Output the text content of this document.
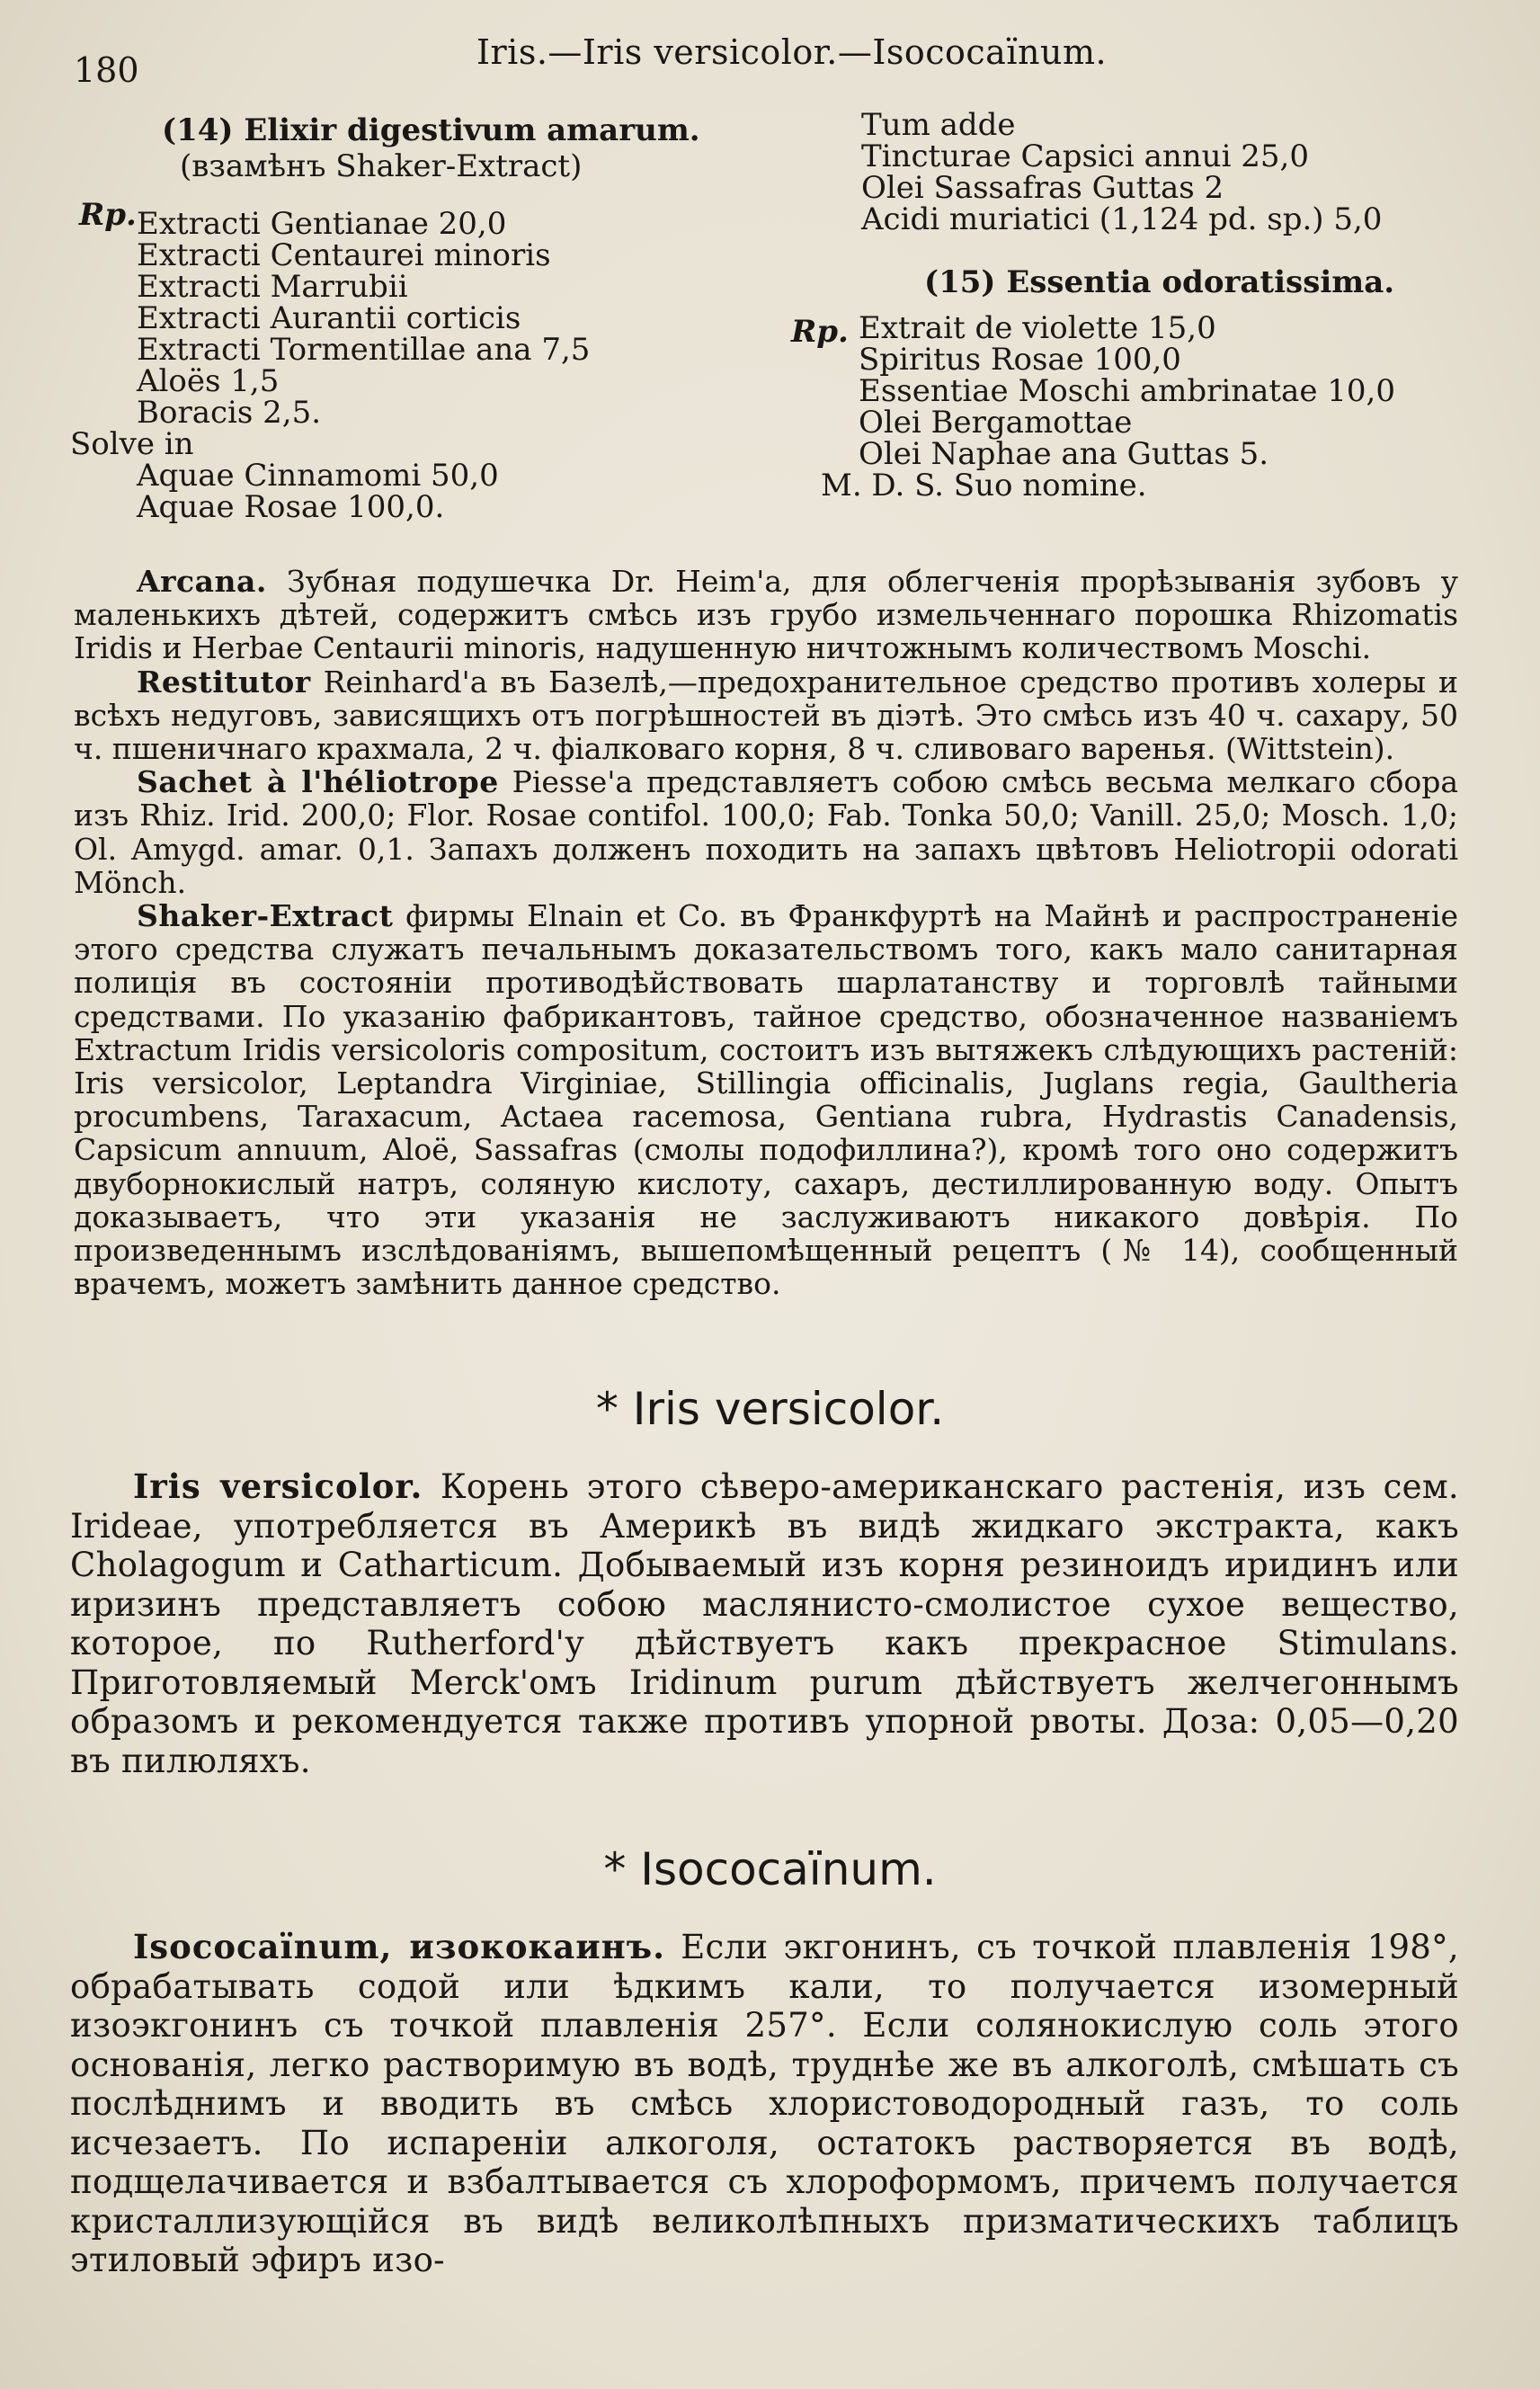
180	Iris.—Iris versicolor.—Isococaïnum.
(14) Elixir digestivum amarum.
(взамѣнъ Shaker-Extract)
Rp. Extracti Gentianae 20,0
Extracti Centaurei minoris
Extracti Marrubii
Extracti Aurantii corticis
Extracti Tormentillae ana 7,5
Aloës 1,5
Boracis 2,5.
Solve in
Aquae Cinnamomi 50,0
Aquae Rosae 100,0.
Tum adde
Tincturae Capsici annui 25,0
Olei Sassafras Guttas 2
Acidi muriatici (1,124 pd. sp.) 5,0
(15) Essentia odoratissima.
Rp. Extrait de violette 15,0
Spiritus Rosae 100,0
Essentiae Moschi ambrinatae 10,0
Olei Bergamottae
Olei Naphae ana Guttas 5.
M. D. S. Suo nomine.

Arcana. Зубная подушечка Dr. Heim'a, для облегченія прорѣзыванія зубовъ у маленькихъ дѣтей, содержитъ смѣсь изъ грубо измельченнаго порошка Rhizomatis Iridis и Herbae Centaurii minoris, надушенную ничтожнымъ количествомъ Moschi.

Restitutor Reinhard'a въ Базелѣ,—предохранительное средство противъ холеры и всѣхъ недуговъ, зависящихъ отъ погрѣшностей въ діэтѣ. Это смѣсь изъ 40 ч. сахару, 50 ч. пшеничнаго крахмала, 2 ч. фіалковаго корня, 8 ч. сливоваго варенья. (Wittstein).

Sachet à l'héliotrope Piesse'a представляетъ собою смѣсь весьма мелкаго сбора изъ Rhiz. Irid. 200,0; Flor. Rosae contifol. 100,0; Fab. Tonka 50,0; Vanill. 25,0; Mosch. 1,0; Ol. Amygd. amar. 0,1. Запахъ долженъ походить на запахъ цвѣтовъ Heliotropii odorati Mönch.

Shaker-Extract фирмы Elnain et Co. въ Франкфуртѣ на Майнѣ и распространеніе этого средства служатъ печальнымъ доказательствомъ того, какъ мало санитарная полиція въ состояніи противодѣйствовать шарлатанству и торговлѣ тайными средствами. По указанію фабрикантовъ, тайное средство, обозначенное названіемъ Extractum Iridis versicoloris compositum, состоитъ изъ вытяжекъ слѣдующихъ растеній: Iris versicolor, Leptandra Virginiae, Stillingia officinalis, Juglans regia, Gaultheria procumbens, Taraxacum, Actaea racemosa, Gentiana rubra, Hydrastis Canadensis, Capsicum annuum, Aloë, Sassafras (смолы подофиллина?), кромѣ того оно содержитъ двуборнокислый натръ, соляную кислоту, сахаръ, дестиллированную воду. Опытъ доказываетъ, что эти указанія не заслуживаютъ никакого довѣрія. По произведеннымъ изслѣдованіямъ, вышепомѣщенный рецептъ (№ 14), сообщенный врачемъ, можетъ замѣнить данное средство.

* Iris versicolor.

Iris versicolor. Корень этого сѣверо-американскаго растенія, изъ сем. Irideae, употребляется въ Америкѣ въ видѣ жидкаго экстракта, какъ Cholagogum и Catharticum. Добываемый изъ корня резиноидъ иридинъ или иризинъ представляетъ собою маслянисто-смолистое сухое вещество, которое, по Rutherford'у дѣйствуетъ какъ прекрасное Stimulans. Приготовляемый Merck'омъ Iridinum purum дѣйствуетъ желчегоннымъ образомъ и рекомендуется также противъ упорной рвоты. Доза: 0,05—0,20 въ пилюляхъ.

* Isococaïnum.

Isococaïnum, изококаинъ. Если экгонинъ, съ точкой плавленія 198°, обрабатывать содой или ѣдкимъ кали, то получается изомерный изоэкгонинъ съ точкой плавленія 257°. Если солянокислую соль этого основанія, легко растворимую въ водѣ, труднѣе же въ алкоголѣ, смѣшать съ послѣднимъ и вводить въ смѣсь хлористоводородный газъ, то соль исчезаетъ. По испареніи алкоголя, остатокъ растворяется въ водѣ, подщелачивается и взбалтывается съ хлороформомъ, причемъ получается кристаллизующійся въ видѣ великолѣпныхъ призматическихъ таблицъ этиловый эфиръ изо-
